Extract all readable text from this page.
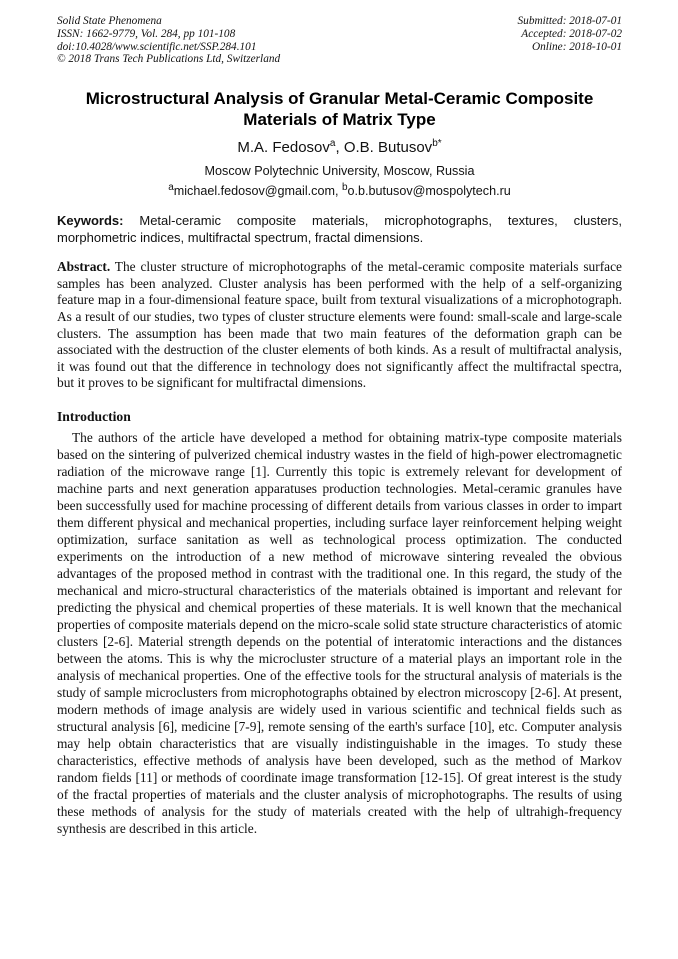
Solid State Phenomena
ISSN: 1662-9779, Vol. 284, pp 101-108
doi:10.4028/www.scientific.net/SSP.284.101
© 2018 Trans Tech Publications Ltd, Switzerland
Submitted: 2018-07-01
Accepted: 2018-07-02
Online: 2018-10-01
Microstructural Analysis of Granular Metal-Ceramic Composite
Materials of Matrix Type
M.A. Fedosov$^a$, O.B. Butusov$^{b*}$
Moscow Polytechnic University, Moscow, Russia
$^a$michael.fedosov@gmail.com, $^b$o.b.butusov@mospolytech.ru

Keywords: Metal-ceramic composite materials, microphotographs, textures, clusters, morphometric indices, multifractal spectrum, fractal dimensions.

Abstract. The cluster structure of microphotographs of the metal-ceramic composite materials surface samples has been analyzed. Cluster analysis has been performed with the help of a self-organizing feature map in a four-dimensional feature space, built from textural visualizations of a microphotograph. As a result of our studies, two types of cluster structure elements were found: small-scale and large-scale clusters. The assumption has been made that two main features of the deformation graph can be associated with the destruction of the cluster elements of both kinds. As a result of multifractal analysis, it was found out that the difference in technology does not significantly affect the multifractal spectra, but it proves to be significant for multifractal dimensions.

Introduction

The authors of the article have developed a method for obtaining matrix-type composite materials based on the sintering of pulverized chemical industry wastes in the field of high-power electromagnetic radiation of the microwave range [1]. Currently this topic is extremely relevant for development of machine parts and next generation apparatuses production technologies. Metal-ceramic granules have been successfully used for machine processing of different details from various classes in order to impart them different physical and mechanical properties, including surface layer reinforcement helping weight optimization, surface sanitation as well as technological process optimization. The conducted experiments on the introduction of a new method of microwave sintering revealed the obvious advantages of the proposed method in contrast with the traditional one. In this regard, the study of the mechanical and micro-structural characteristics of the materials obtained is important and relevant for predicting the physical and chemical properties of these materials. It is well known that the mechanical properties of composite materials depend on the micro-scale solid state structure characteristics of atomic clusters [2-6]. Material strength depends on the potential of interatomic interactions and the distances between the atoms. This is why the microcluster structure of a material plays an important role in the analysis of mechanical properties. One of the effective tools for the structural analysis of materials is the study of sample microclusters from microphotographs obtained by electron microscopy [2-6]. At present, modern methods of image analysis are widely used in various scientific and technical fields such as structural analysis [6], medicine [7-9], remote sensing of the earth's surface [10], etc. Computer analysis may help obtain characteristics that are visually indistinguishable in the images. To study these characteristics, effective methods of analysis have been developed, such as the method of Markov random fields [11] or methods of coordinate image transformation [12-15]. Of great interest is the study of the fractal properties of materials and the cluster analysis of microphotographs. The results of using these methods of analysis for the study of materials created with the help of ultrahigh-frequency synthesis are described in this article.
